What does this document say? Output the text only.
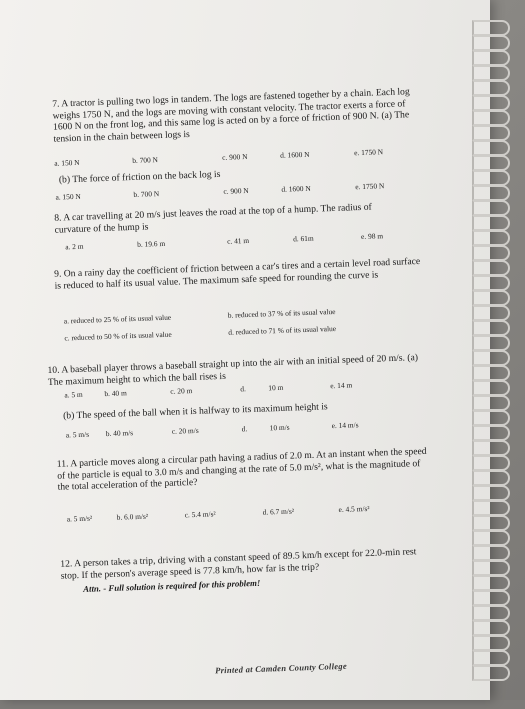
7. A tractor is pulling two logs in tandem. The logs are fastened together by a chain. Each log weighs 1750 N, and the logs are moving with constant velocity. The tractor exerts a force of 1600 N on the front log, and this same log is acted on by a force of friction of 900 N. (a) The tension in the chain between logs is
a. 150 N	b. 700 N	c. 900 N	d. 1600 N	e. 1750 N
(b) The force of friction on the back log is
a. 150 N	b. 700 N	c. 900 N	d. 1600 N	e. 1750 N
8. A car travelling at 20 m/s just leaves the road at the top of a hump. The radius of curvature of the hump is
a. 2 m	b. 19.6 m	c. 41 m	d. 61m	e. 98 m
9. On a rainy day the coefficient of friction between a car's tires and a certain level road surface is reduced to half its usual value. The maximum safe speed for rounding the curve is
a. reduced to 25 % of its usual value	b. reduced to 37 % of its usual value
c. reduced to 50 % of its usual value	d. reduced to 71 % of its usual value
10. A baseball player throws a baseball straight up into the air with an initial speed of 20 m/s. (a) The maximum height to which the ball rises is
a. 5 m	b. 40 m	c. 20 m	d.	10 m	e. 14 m
(b) The speed of the ball when it is halfway to its maximum height is
a. 5 m/s b. 40 m/s	c. 20 m/s	d.	10 m/s	e. 14 m/s
11. A particle moves along a circular path having a radius of 2.0 m. At an instant when the speed of the particle is equal to 3.0 m/s and changing at the rate of 5.0 m/s², what is the magnitude of the total acceleration of the particle?
a. 5 m/s²	b. 6.0 m/s²	c. 5.4 m/s²	d. 6.7 m/s²	e. 4.5 m/s²
12. A person takes a trip, driving with a constant speed of 89.5 km/h except for 22.0-min rest stop. If the person's average speed is 77.8 km/h, how far is the trip?
Attn. - Full solution is required for this problem!
Printed at Camden County College
